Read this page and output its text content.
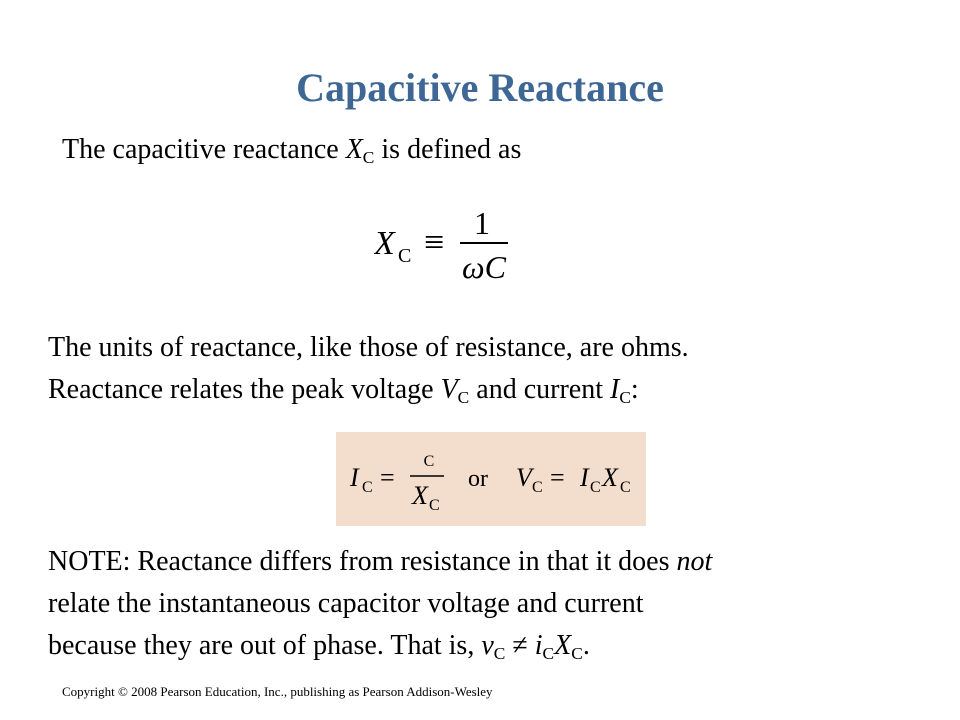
Capacitive Reactance
The capacitive reactance $X_C$ is defined as
X C ≡ 1
ωC
The units of reactance, like those of resistance, are ohms.
Reactance relates the peak voltage $V_C$ and current $I_C$:
I C =
C
X C
or V C = I C X C
NOTE: Reactance differs from resistance in that it does not
relate the instantaneous capacitor voltage and current
because they are out of phase. That is, $v_C \ne i_CX_C$.
Copyright © 2008 Pearson Education, Inc., publishing as Pearson Addison-Wesley
